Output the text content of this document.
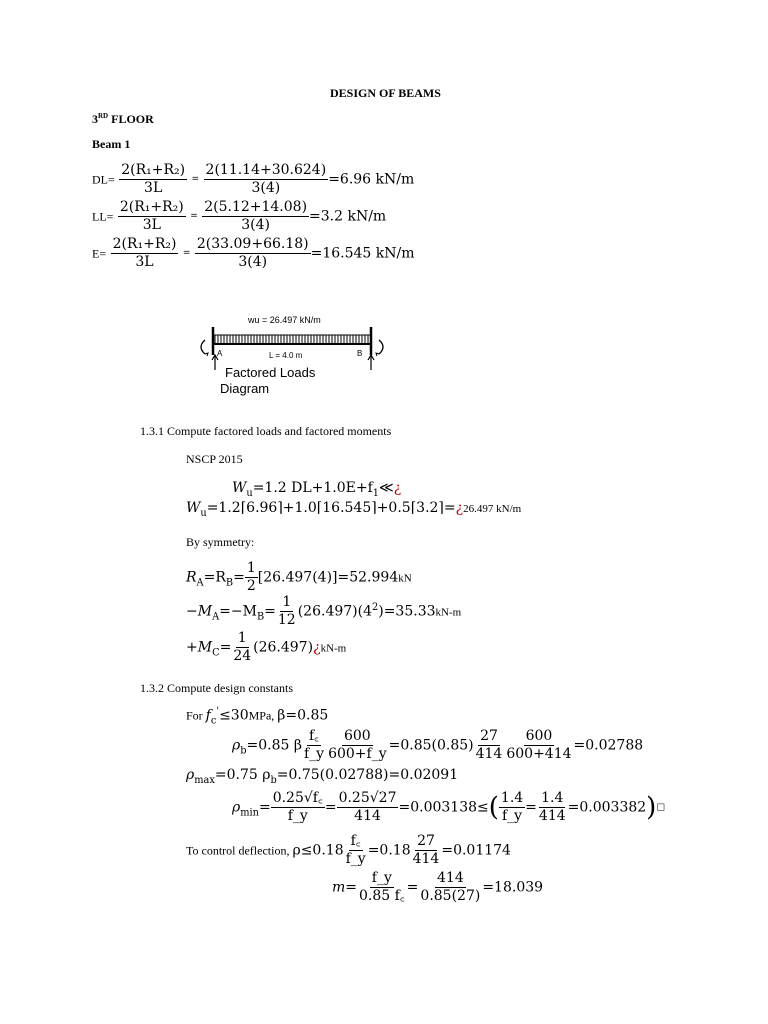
DESIGN OF BEAMS
3RD FLOOR
Beam 1
$DL= \frac{\text{2(R₁+R₂)}}{3L} = \frac{2(11.14+30.624)}{3(4)} =6.96$ kN/m
$LL= \frac{\text{2(R₁+R₂)}}{3L} = \frac{2(5.12+14.08)}{3(4)} =3.2$ kN/m
$E= \frac{\text{2(R₁+R₂)}}{3L} = \frac{2(33.09+66.18)}{3(4)} =16.545$ kN/m
wu = 26.497 kN/m
A	B
L = 4.0 m
Factored Loads
Diagram
1.3.1 Compute factored loads and factored moments
NSCP 2015
$W_u=1.2$ $DL+1.0E+f_1≪¿$
$W_u=1.2⌈6.96⌉+1.0⌈16.545⌉+0.5⌈3.2⌉=¿26.497$ kN/m
By symmetry:
$R_A=R_B= \frac{1}{2} [26.497(4)]=52.994kN$
$-M_A=-M_B= \frac{1}{12} (26.497)(4^2)=35.33kN-m$
$+M_C= \frac{1}{24}$ (26.497)¿kN-m
1.3.2 Compute design constants
For $f_c'\le 30MPa$, β=0.85
$\rho_b=0.85$ β $\frac{f꜀}{f\_y} \frac{600}{600+f\_y} =0.85(0.85) \frac{27}{414} \frac{600}{600+414} =0.02788$
$\rho_{max}=0.75$ $\rho_b=0.75(0.02788)=0.02091$
$\rho_{min}= \frac{0.25√f꜀}{f\_y} = \frac{0.25√27}{414} =0.003138\le( \frac{1.4}{f\_y} = \frac{1.4}{414}$ =0.003382)□
To control deflection, $\rho\le 0.18 \frac{f꜀}{f\_y} =0.18 \frac{27}{414} =0.01174$
$m= \frac{f\_y}{0.85 f꜀} = \frac{414}{0.85(27)} =18.039$
